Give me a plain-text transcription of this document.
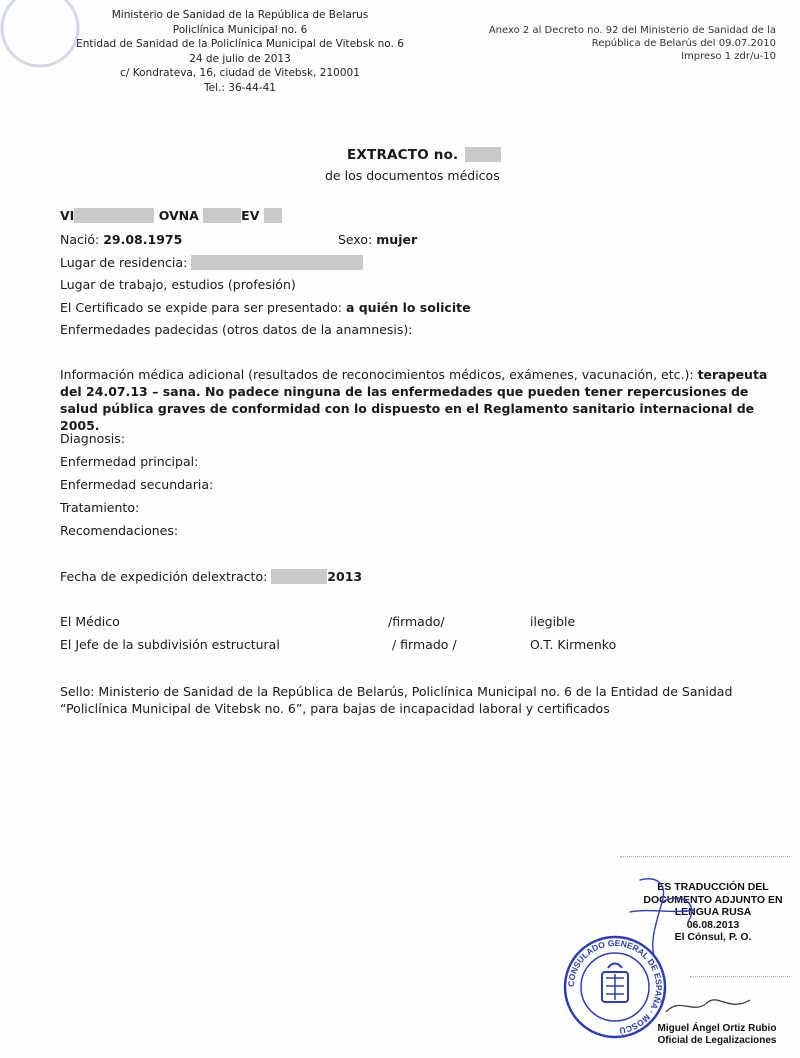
Ministerio de Sanidad de la República de Belarus
Policlínica Municipal no. 6
Entidad de Sanidad de la Policlínica Municipal de Vitebsk no. 6
24 de julio de 2013
c/ Kondrateva, 16, ciudad de Vitebsk, 210001
Tel.: 36-44-41
Anexo 2 al Decreto no. 92 del Ministerio de Sanidad de la
República de Belarús del 09.07.2010
Impreso 1 zdr/u-10
EXTRACTO no.
de los documentos médicos
VI	OVNA	EV
Nació: 29.08.1975	Sexo: mujer
Lugar de residencia:
Lugar de trabajo, estudios (profesión)
El Certificado se expide para ser presentado: a quién lo solicite
Enfermedades padecidas (otros datos de la anamnesis):
Información médica adicional (resultados de reconocimientos médicos, exámenes, vacunación, etc.): terapeuta del 24.07.13 – sana. No padece ninguna de las enfermedades que pueden tener repercusiones de salud pública graves de conformidad con lo dispuesto en el Reglamento sanitario internacional de 2005.
Diagnosis:
Enfermedad principal:
Enfermedad secundaria:
Tratamiento:
Recomendaciones:
Fecha de expedición delextracto:	2013
El Médico	/firmado/	ilegible
El Jefe de la subdivisión estructural	/ firmado /	O.T. Kirmenko
Sello: Ministerio de Sanidad de la República de Belarús, Policlínica Municipal no. 6 de la Entidad de Sanidad “Policlínica Municipal de Vitebsk no. 6”, para bajas de incapacidad laboral y certificados
ES TRADUCCIÓN DEL
DOCUMENTO ADJUNTO EN
LENGUA RUSA
06.08.2013
El Cónsul, P. O.
CONSULADO GENERAL DE ESPAÑA · MOSCÚ	Miguel Ángel Ortiz Rubio
Oficial de Legalizaciones
